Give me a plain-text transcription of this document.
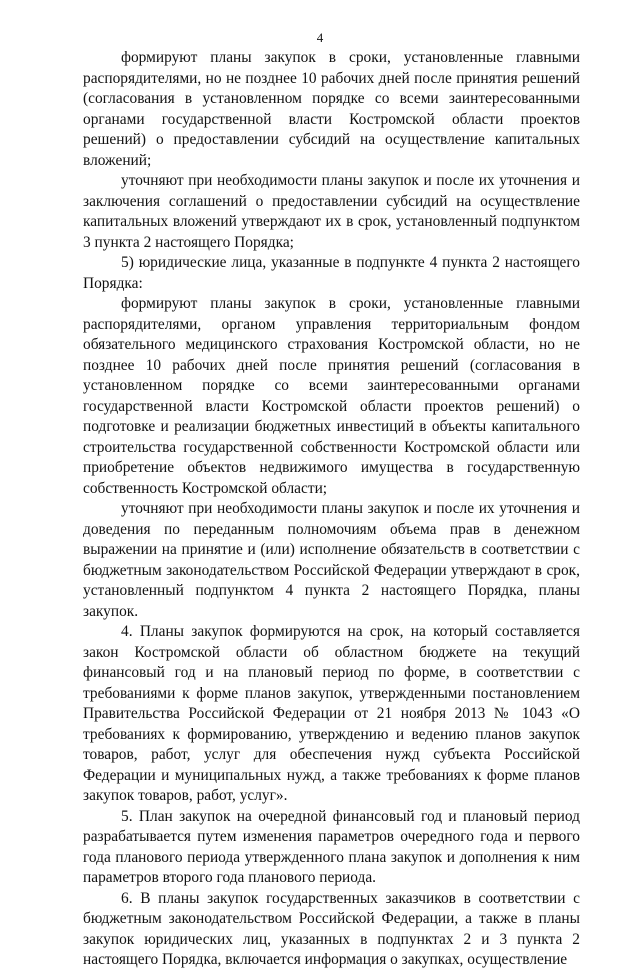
4

формируют планы закупок в сроки, установленные главными распорядителями, но не позднее 10 рабочих дней после принятия решений (согласования в установленном порядке со всеми заинтересованными органами государственной власти Костромской области проектов решений) о предоставлении субсидий на осуществление капитальных вложений;

уточняют при необходимости планы закупок и после их уточнения и заключения соглашений о предоставлении субсидий на осуществление капитальных вложений утверждают их в срок, установленный подпунктом 3 пункта 2 настоящего Порядка;

5) юридические лица, указанные в подпункте 4 пункта 2 настоящего Порядка:

формируют планы закупок в сроки, установленные главными распорядителями, органом управления территориальным фондом обязательного медицинского страхования Костромской области, но не позднее 10 рабочих дней после принятия решений (согласования в установленном порядке со всеми заинтересованными органами государственной власти Костромской области проектов решений) о подготовке и реализации бюджетных инвестиций в объекты капитального строительства государственной собственности Костромской области или приобретение объектов недвижимого имущества в государственную собственность Костромской области;

уточняют при необходимости планы закупок и после их уточнения и доведения по переданным полномочиям объема прав в денежном выражении на принятие и (или) исполнение обязательств в соответствии с бюджетным законодательством Российской Федерации утверждают в срок, установленный подпунктом 4 пункта 2 настоящего Порядка, планы закупок.

4. Планы закупок формируются на срок, на который составляется закон Костромской области об областном бюджете на текущий финансовый год и на плановый период по форме, в соответствии с требованиями к форме планов закупок, утвержденными постановлением Правительства Российской Федерации от 21 ноября 2013 № 1043 «О требованиях к формированию, утверждению и ведению планов закупок товаров, работ, услуг для обеспечения нужд субъекта Российской Федерации и муниципальных нужд, а также требованиях к форме планов закупок товаров, работ, услуг».

5. План закупок на очередной финансовый год и плановый период разрабатывается путем изменения параметров очередного года и первого года планового периода утвержденного плана закупок и дополнения к ним параметров второго года планового периода.

6. В планы закупок государственных заказчиков в соответствии с бюджетным законодательством Российской Федерации, а также в планы закупок юридических лиц, указанных в подпунктах 2 и 3 пункта 2 настоящего Порядка, включается информация о закупках, осуществление
